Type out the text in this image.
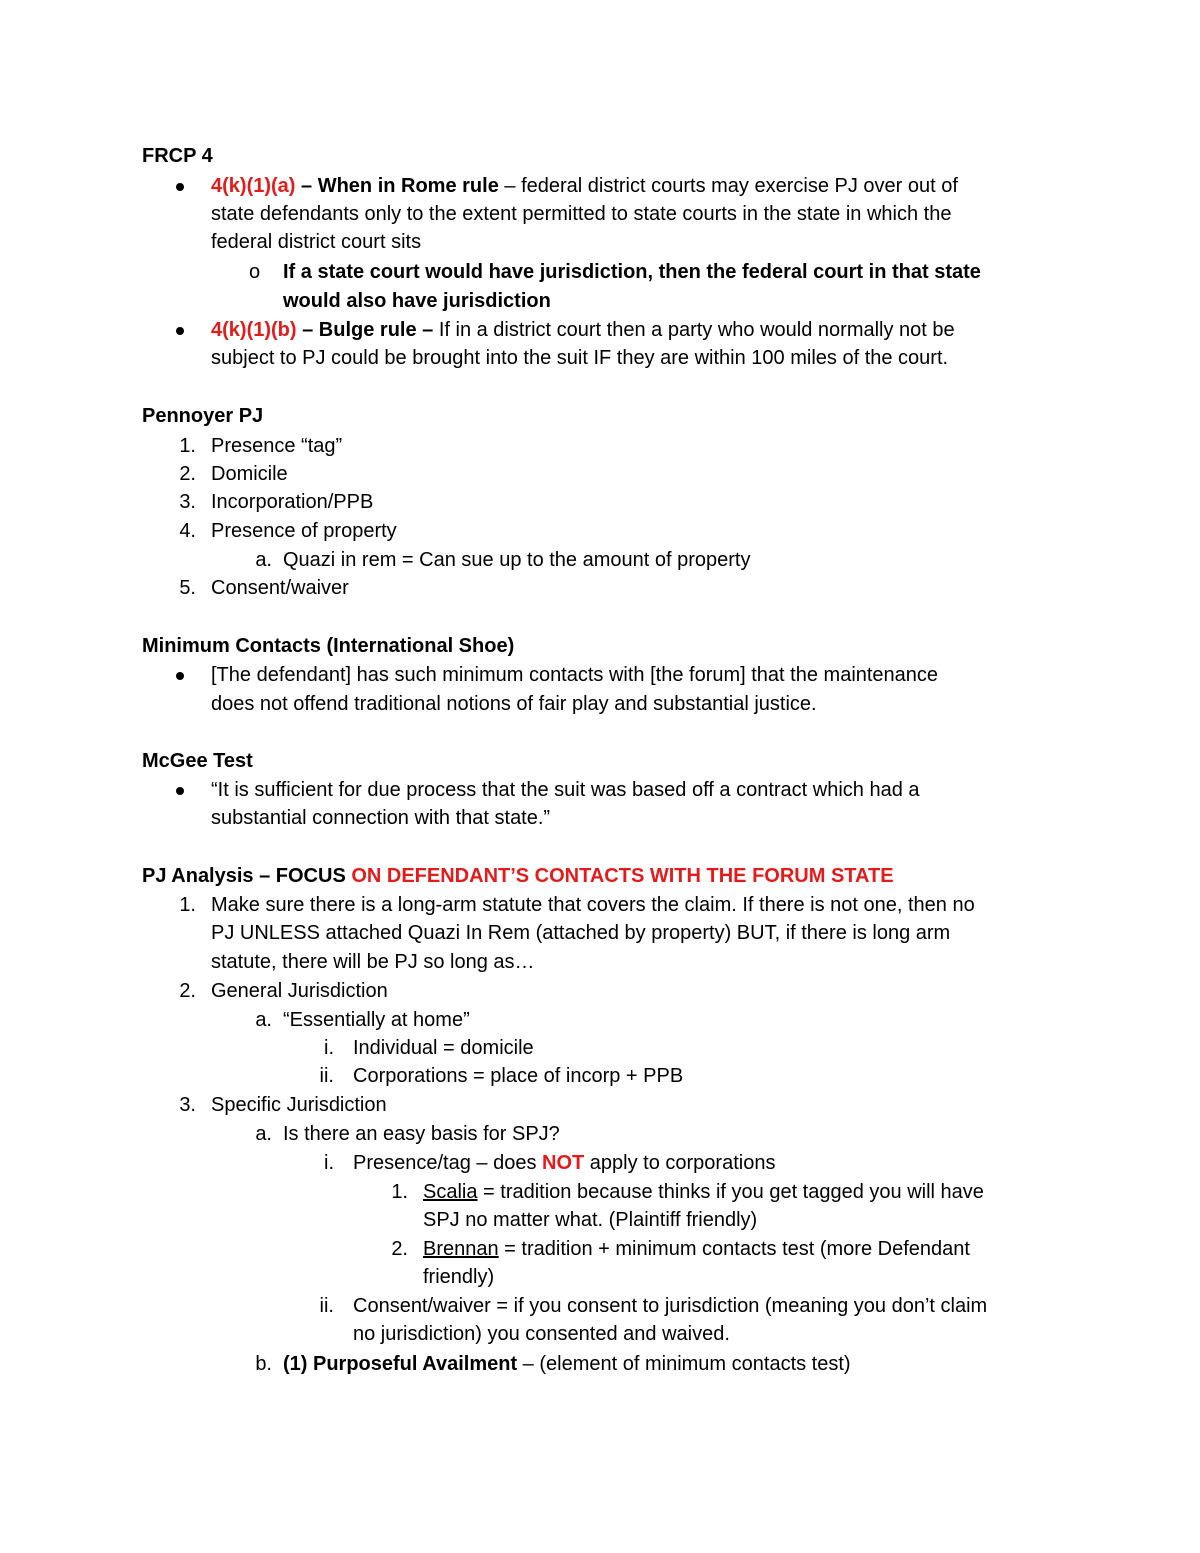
FRCP 4
4(k)(1)(a) – When in Rome rule – federal district courts may exercise PJ over out of
state defendants only to the extent permitted to state courts in the state in which the
federal district court sits
o If a state court would have jurisdiction, then the federal court in that state
would also have jurisdiction
4(k)(1)(b) – Bulge rule – If in a district court then a party who would normally not be
subject to PJ could be brought into the suit IF they are within 100 miles of the court.
Pennoyer PJ
1. Presence “tag”
2. Domicile
3. Incorporation/PPB
4. Presence of property
a. Quazi in rem = Can sue up to the amount of property
5. Consent/waiver
Minimum Contacts (International Shoe)
[The defendant] has such minimum contacts with [the forum] that the maintenance
does not offend traditional notions of fair play and substantial justice.
McGee Test
“It is sufficient for due process that the suit was based off a contract which had a
substantial connection with that state.”
PJ Analysis – FOCUS ON DEFENDANT’S CONTACTS WITH THE FORUM STATE
1. Make sure there is a long-arm statute that covers the claim. If there is not one, then no
PJ UNLESS attached Quazi In Rem (attached by property) BUT, if there is long arm
statute, there will be PJ so long as…
2. General Jurisdiction
a. “Essentially at home”
i. Individual = domicile
ii. Corporations = place of incorp + PPB
3. Specific Jurisdiction
a. Is there an easy basis for SPJ?
i. Presence/tag – does NOT apply to corporations
1. Scalia = tradition because thinks if you get tagged you will have
SPJ no matter what. (Plaintiff friendly)
2. Brennan = tradition + minimum contacts test (more Defendant
friendly)
ii. Consent/waiver = if you consent to jurisdiction (meaning you don’t claim
no jurisdiction) you consented and waived.
b. (1) Purposeful Availment – (element of minimum contacts test)
